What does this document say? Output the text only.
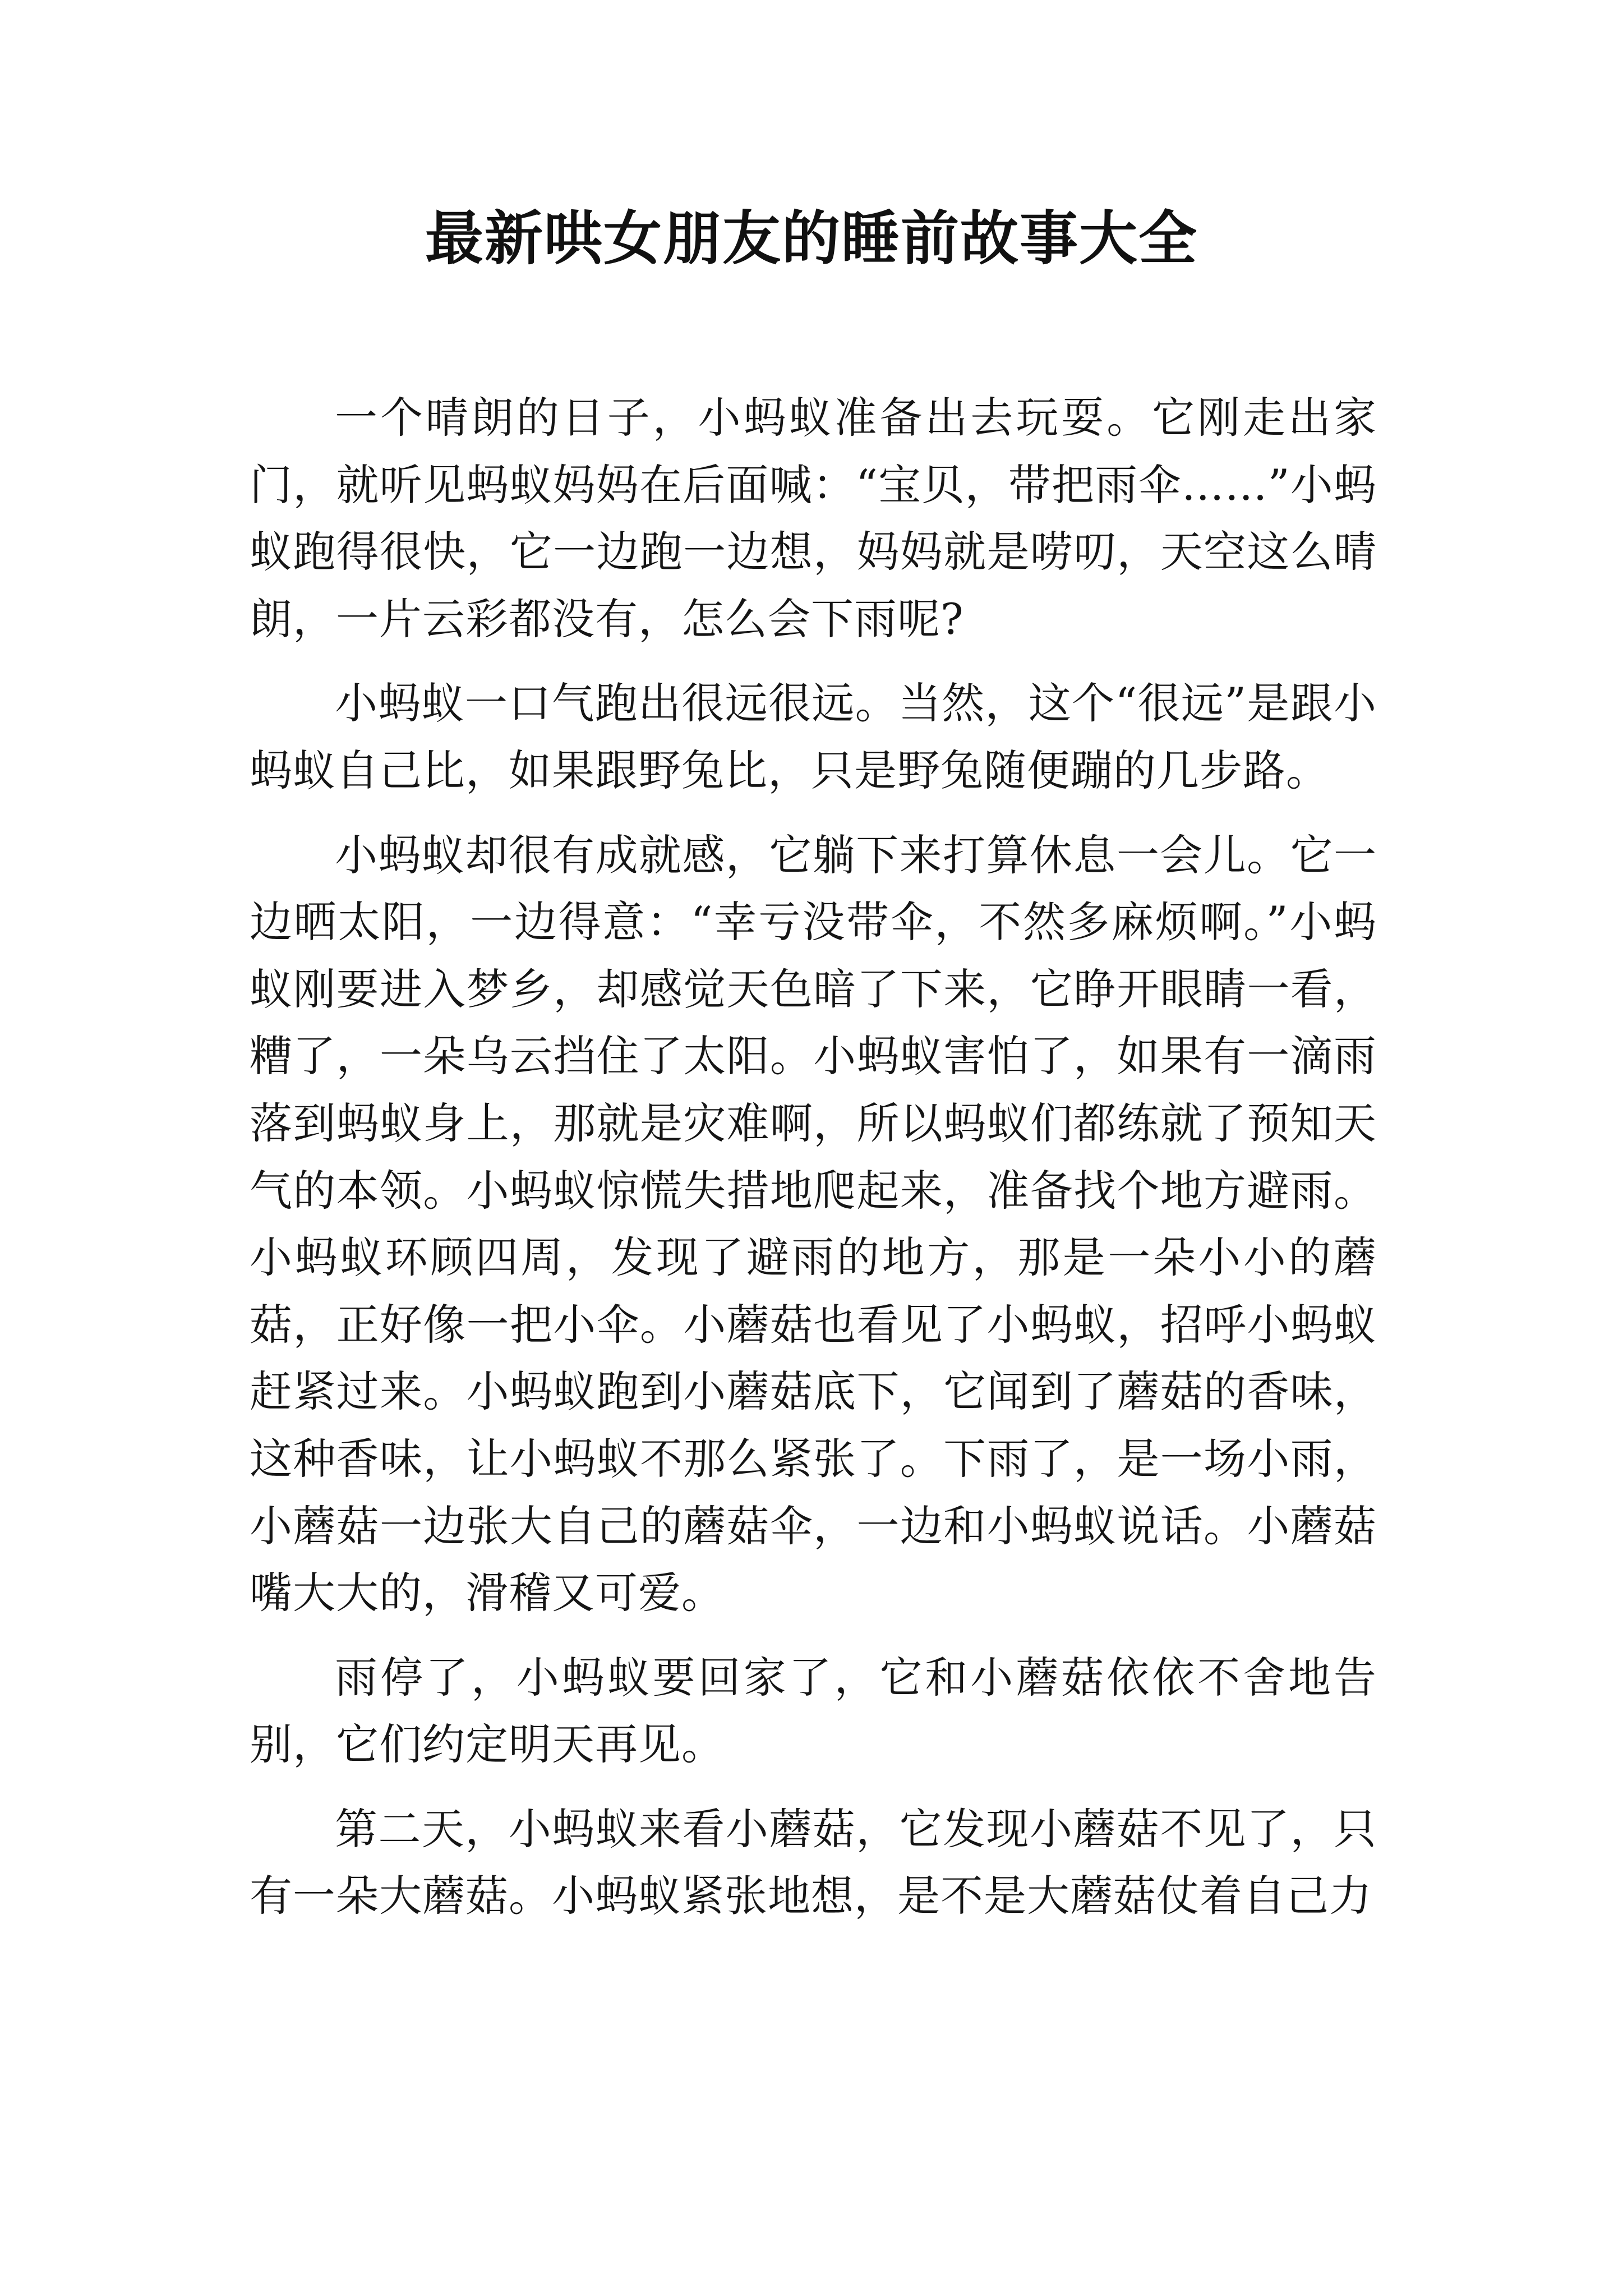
最新哄女朋友的睡前故事大全

一个晴朗的日子，小蚂蚁准备出去玩耍。它刚走出家门，就听见蚂蚁妈妈在后面喊：“宝贝，带把雨伞……”小蚂蚁跑得很快，它一边跑一边想，妈妈就是唠叨，天空这么晴朗，一片云彩都没有，怎么会下雨呢?

小蚂蚁一口气跑出很远很远。当然，这个“很远”是跟小蚂蚁自己比，如果跟野兔比，只是野兔随便蹦的几步路。

小蚂蚁却很有成就感，它躺下来打算休息一会儿。它一边晒太阳，一边得意：“幸亏没带伞，不然多麻烦啊。”小蚂蚁刚要进入梦乡，却感觉天色暗了下来，它睁开眼睛一看，糟了，一朵乌云挡住了太阳。小蚂蚁害怕了，如果有一滴雨落到蚂蚁身上，那就是灾难啊，所以蚂蚁们都练就了预知天气的本领。小蚂蚁惊慌失措地爬起来，准备找个地方避雨。小蚂蚁环顾四周，发现了避雨的地方，那是一朵小小的蘑菇，正好像一把小伞。小蘑菇也看见了小蚂蚁，招呼小蚂蚁赶紧过来。小蚂蚁跑到小蘑菇底下，它闻到了蘑菇的香味，这种香味，让小蚂蚁不那么紧张了。下雨了，是一场小雨，小蘑菇一边张大自己的蘑菇伞，一边和小蚂蚁说话。小蘑菇嘴大大的，滑稽又可爱。

雨停了，小蚂蚁要回家了，它和小蘑菇依依不舍地告别，它们约定明天再见。

第二天，小蚂蚁来看小蘑菇，它发现小蘑菇不见了，只有一朵大蘑菇。小蚂蚁紧张地想，是不是大蘑菇仗着自己力
